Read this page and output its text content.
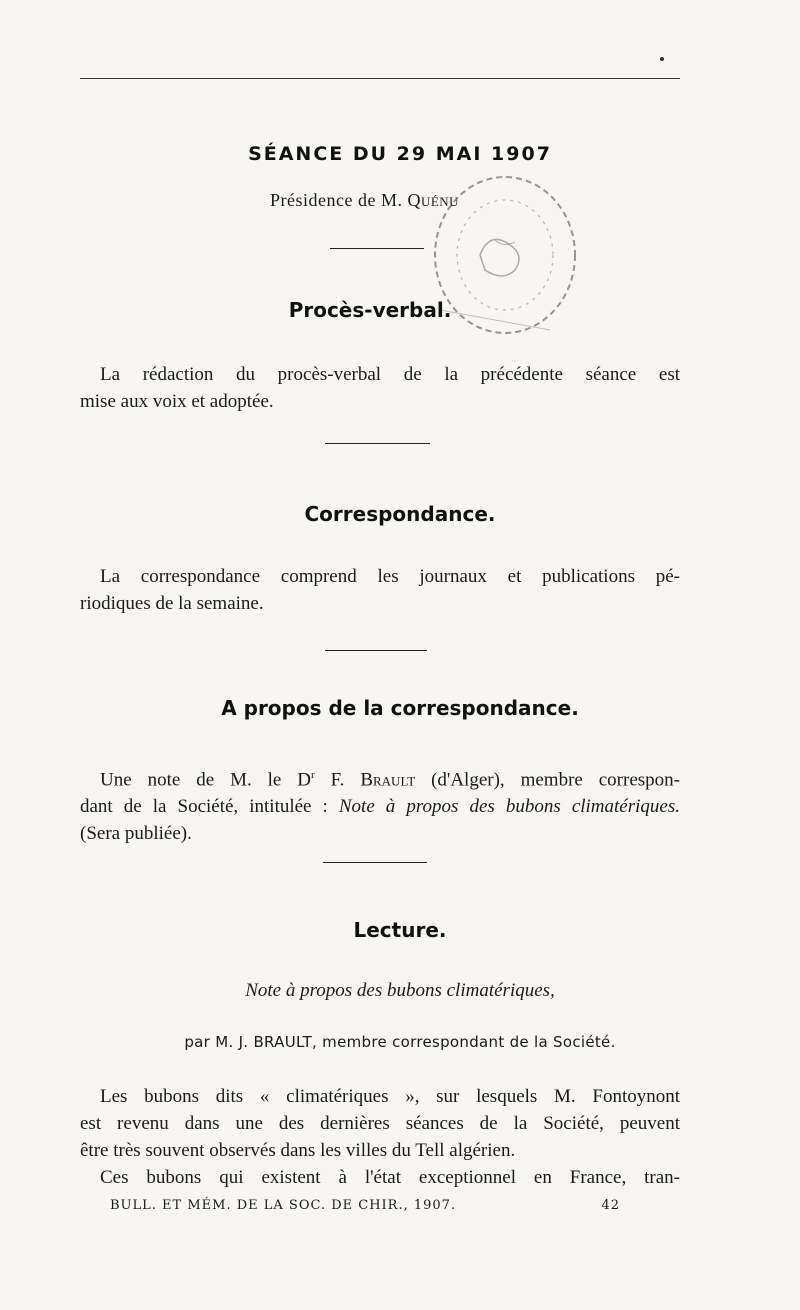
SÉANCE DU 29 MAI 1907
Présidence de M. Quénu
Procès-verbal.
La rédaction du procès-verbal de la précédente séance est
mise aux voix et adoptée.
Correspondance.
La correspondance comprend les journaux et publications pé-
riodiques de la semaine.
A propos de la correspondance.
Une note de M. le $D^r$ F. Brault (d'Alger), membre correspon-
dant de la Société, intitulée : Note à propos des bubons climatériques.
(Sera publiée).
Lecture.
Note à propos des bubons climatériques,
par M. J. BRAULT, membre correspondant de la Société.
Les bubons dits « climatériques », sur lesquels M. Fontoynont
est revenu dans une des dernières séances de la Société, peuvent
être très souvent observés dans les villes du Tell algérien.
Ces bubons qui existent à l'état exceptionnel en France, tran-
BULL. ET MÉM. DE LA SOC. DE CHIR., 1907.	42
